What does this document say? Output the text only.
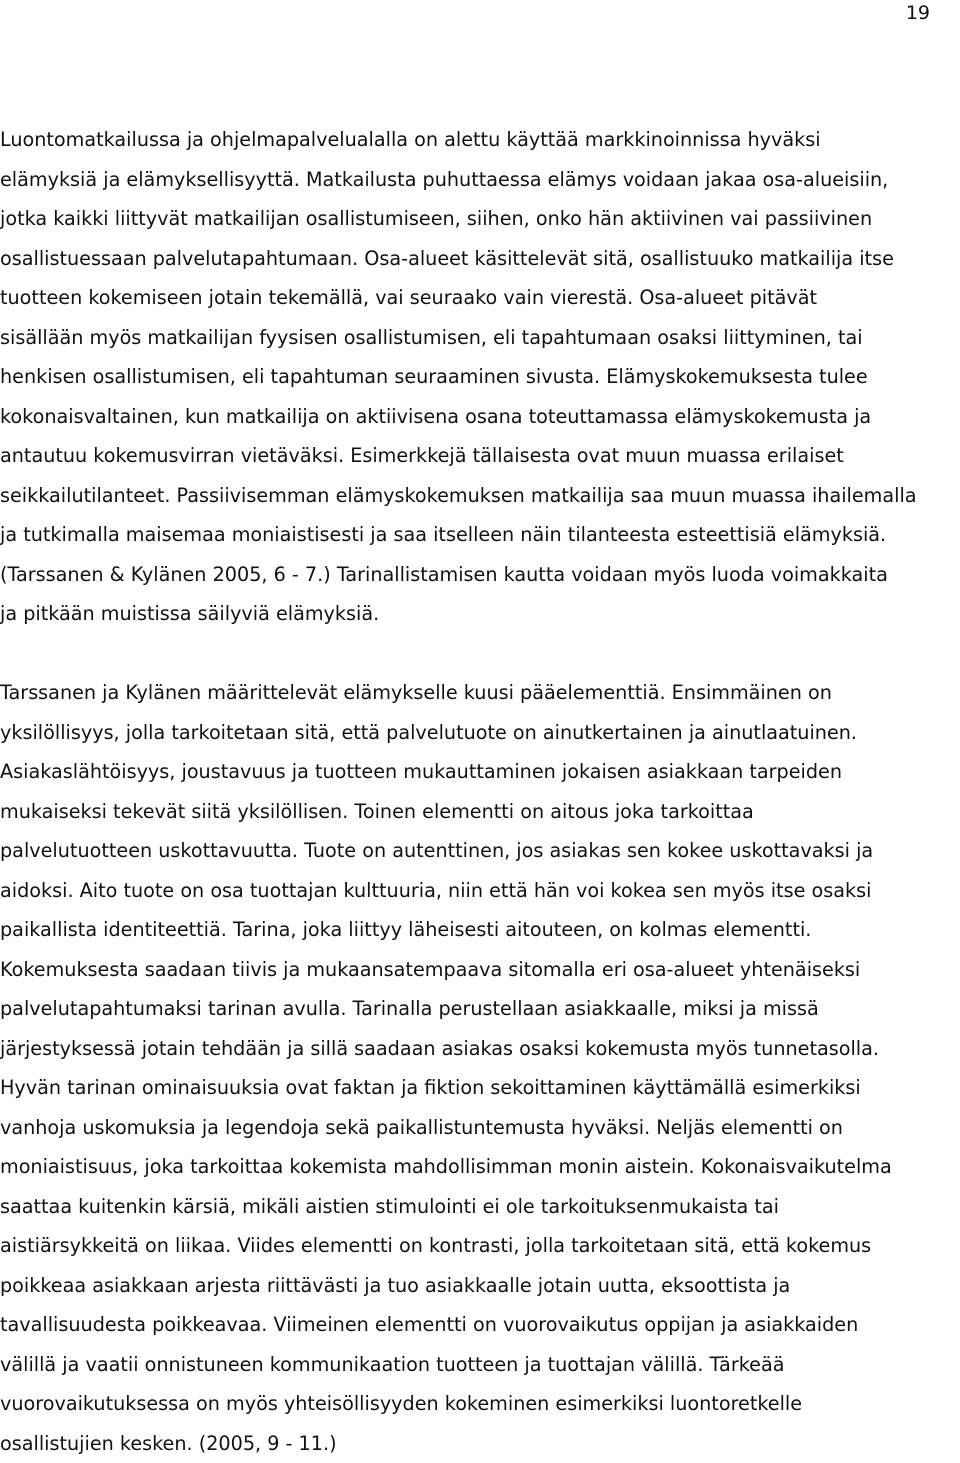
19

Luontomatkailussa ja ohjelmapalvelualalla on alettu käyttää markkinoinnissa hyväksi
elämyksiä ja elämyksellisyyttä. Matkailusta puhuttaessa elämys voidaan jakaa osa-alueisiin,
jotka kaikki liittyvät matkailijan osallistumiseen, siihen, onko hän aktiivinen vai passiivinen
osallistuessaan palvelutapahtumaan. Osa-alueet käsittelevät sitä, osallistuuko matkailija itse
tuotteen kokemiseen jotain tekemällä, vai seuraako vain vierestä. Osa-alueet pitävät
sisällään myös matkailijan fyysisen osallistumisen, eli tapahtumaan osaksi liittyminen, tai
henkisen osallistumisen, eli tapahtuman seuraaminen sivusta. Elämyskokemuksesta tulee
kokonaisvaltainen, kun matkailija on aktiivisena osana toteuttamassa elämyskokemusta ja
antautuu kokemusvirran vietäväksi. Esimerkkejä tällaisesta ovat muun muassa erilaiset
seikkailutilanteet. Passiivisemman elämyskokemuksen matkailija saa muun muassa ihailemalla
ja tutkimalla maisemaa moniaistisesti ja saa itselleen näin tilanteesta esteettisiä elämyksiä.
(Tarssanen & Kylänen 2005, 6 - 7.) Tarinallistamisen kautta voidaan myös luoda voimakkaita
ja pitkään muistissa säilyviä elämyksiä.

Tarssanen ja Kylänen määrittelevät elämykselle kuusi pääelementtiä. Ensimmäinen on
yksilöllisyys, jolla tarkoitetaan sitä, että palvelutuote on ainutkertainen ja ainutlaatuinen.
Asiakaslähtöisyys, joustavuus ja tuotteen mukauttaminen jokaisen asiakkaan tarpeiden
mukaiseksi tekevät siitä yksilöllisen. Toinen elementti on aitous joka tarkoittaa
palvelutuotteen uskottavuutta. Tuote on autenttinen, jos asiakas sen kokee uskottavaksi ja
aidoksi. Aito tuote on osa tuottajan kulttuuria, niin että hän voi kokea sen myös itse osaksi
paikallista identiteettiä. Tarina, joka liittyy läheisesti aitouteen, on kolmas elementti.
Kokemuksesta saadaan tiivis ja mukaansatempaava sitomalla eri osa-alueet yhtenäiseksi
palvelutapahtumaksi tarinan avulla. Tarinalla perustellaan asiakkaalle, miksi ja missä
järjestyksessä jotain tehdään ja sillä saadaan asiakas osaksi kokemusta myös tunnetasolla.
Hyvän tarinan ominaisuuksia ovat faktan ja fiktion sekoittaminen käyttämällä esimerkiksi
vanhoja uskomuksia ja legendoja sekä paikallistuntemusta hyväksi. Neljäs elementti on
moniaistisuus, joka tarkoittaa kokemista mahdollisimman monin aistein. Kokonaisvaikutelma
saattaa kuitenkin kärsiä, mikäli aistien stimulointi ei ole tarkoituksenmukaista tai
aistiärsykkeitä on liikaa. Viides elementti on kontrasti, jolla tarkoitetaan sitä, että kokemus
poikkeaa asiakkaan arjesta riittävästi ja tuo asiakkaalle jotain uutta, eksoottista ja
tavallisuudesta poikkeavaa. Viimeinen elementti on vuorovaikutus oppijan ja asiakkaiden
välillä ja vaatii onnistuneen kommunikaation tuotteen ja tuottajan välillä. Tärkeää
vuorovaikutuksessa on myös yhteisöllisyyden kokeminen esimerkiksi luontoretkelle
osallistujien kesken. (2005, 9 - 11.)
